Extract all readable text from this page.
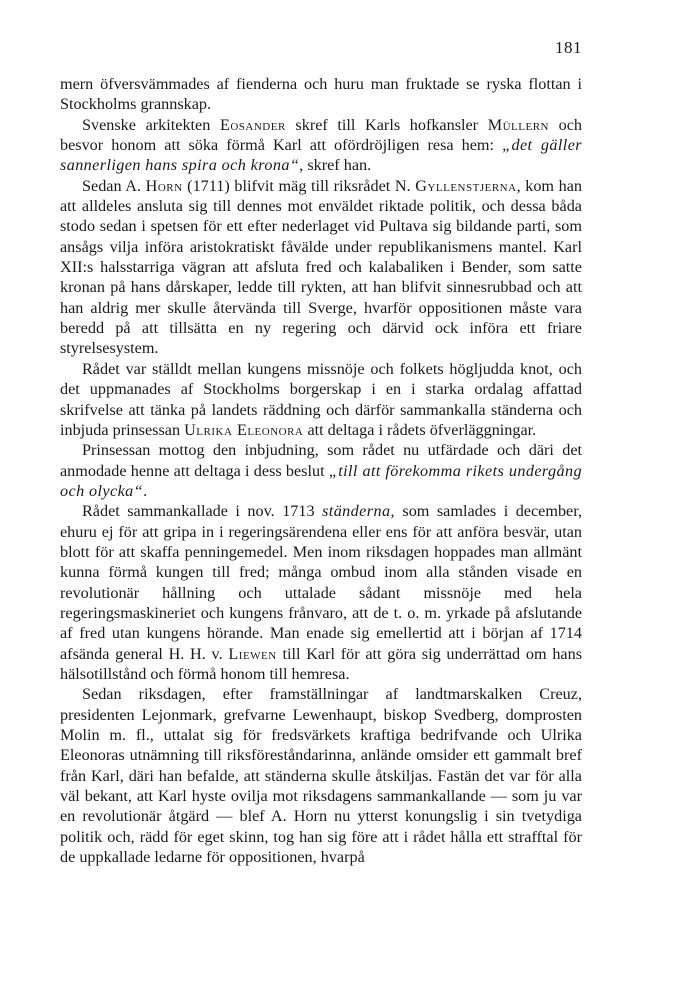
181

mern öfversvämmades af fienderna och huru man fruktade se ryska flottan i Stockholms grannskap.

Svenske arkitekten Eosander skref till Karls hofkansler Müllern och besvor honom att söka förmå Karl att ofördröjligen resa hem: „det gäller sannerligen hans spira och krona“, skref han.

Sedan A. Horn (1711) blifvit mäg till riksrådet N. Gyllenstjerna, kom han att alldeles ansluta sig till dennes mot enväldet riktade politik, och dessa båda stodo sedan i spetsen för ett efter nederlaget vid Pultava sig bildande parti, som ansågs vilja införa aristokratiskt fåvälde under republikanismens mantel. Karl XII:s halsstarriga vägran att afsluta fred och kalabaliken i Bender, som satte kronan på hans dårskaper, ledde till rykten, att han blifvit sinnesrubbad och att han aldrig mer skulle återvända till Sverge, hvarför oppositionen måste vara beredd på att tillsätta en ny regering och därvid ock införa ett friare styrelsesystem.

Rådet var ställdt mellan kungens missnöje och folkets högljudda knot, och det uppmanades af Stockholms borgerskap i en i starka ordalag affattad skrifvelse att tänka på landets räddning och därför sammankalla ständerna och inbjuda prinsessan Ulrika Eleonora att deltaga i rådets öfverläggningar.

Prinsessan mottog den inbjudning, som rådet nu utfärdade och däri det anmodade henne att deltaga i dess beslut „till att förekomma rikets undergång och olycka“.

Rådet sammankallade i nov. 1713 ständerna, som samlades i december, ehuru ej för att gripa in i regeringsärendena eller ens för att anföra besvär, utan blott för att skaffa penningemedel. Men inom riksdagen hoppades man allmänt kunna förmå kungen till fred; många ombud inom alla stånden visade en revolutionär hållning och uttalade sådant missnöje med hela regeringsmaskineriet och kungens frånvaro, att de t. o. m. yrkade på afslutande af fred utan kungens hörande. Man enade sig emellertid att i början af 1714 afsända general H. H. v. Liewen till Karl för att göra sig underrättad om hans hälsotillstånd och förmå honom till hemresa.

Sedan riksdagen, efter framställningar af landtmarskalken Creuz, presidenten Lejonmark, grefvarne Lewenhaupt, biskop Svedberg, domprosten Molin m. fl., uttalat sig för fredsvärkets kraftiga bedrifvande och Ulrika Eleonoras utnämning till riksföreståndarinna, anlände omsider ett gammalt bref från Karl, däri han befalde, att ständerna skulle åtskiljas. Fastän det var för alla väl bekant, att Karl hyste ovilja mot riksdagens sammankallande — som ju var en revolutionär åtgärd — blef A. Horn nu ytterst konungslig i sin tvetydiga politik och, rädd för eget skinn, tog han sig före att i rådet hålla ett strafftal för de uppkallade ledarne för oppositionen, hvarpå
